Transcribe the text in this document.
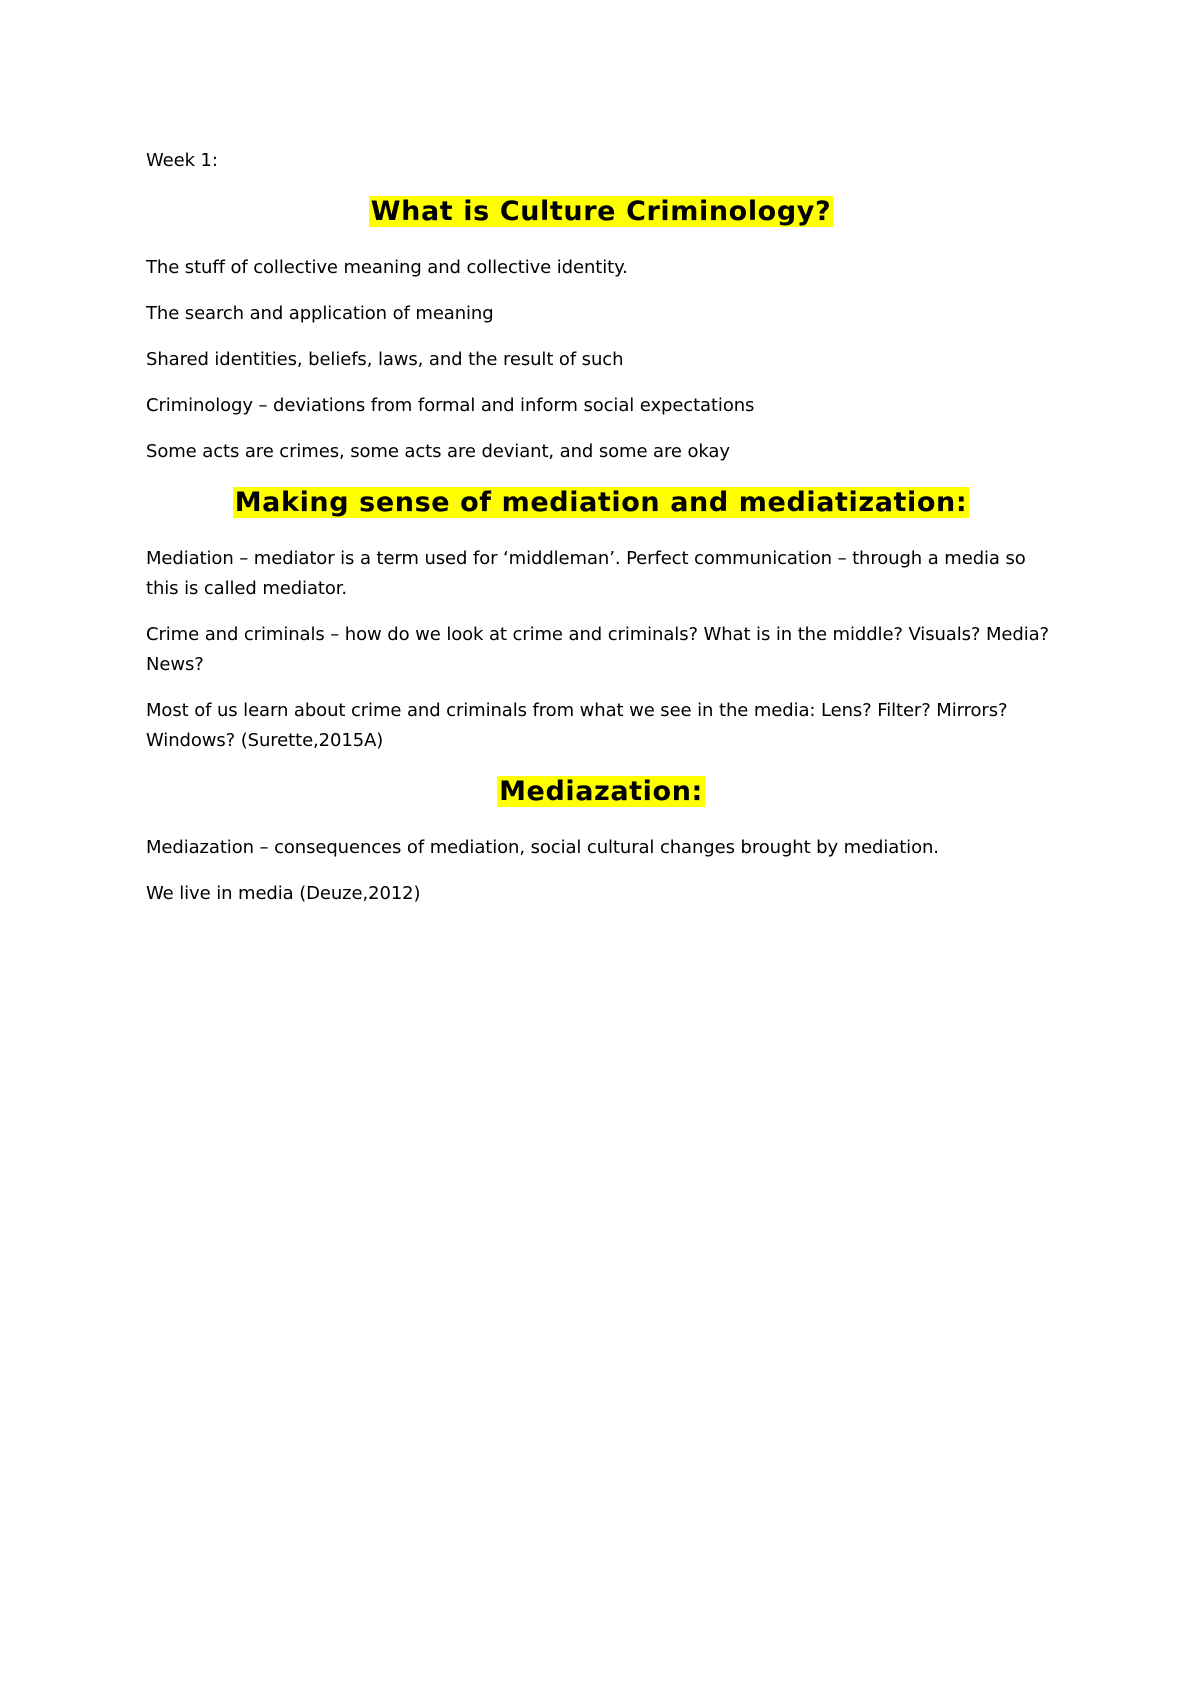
Week 1:

What is Culture Criminology?

The stuff of collective meaning and collective identity.

The search and application of meaning

Shared identities, beliefs, laws, and the result of such

Criminology – deviations from formal and inform social expectations

Some acts are crimes, some acts are deviant, and some are okay

Making sense of mediation and mediatization:

Mediation – mediator is a term used for ‘middleman’. Perfect communication – through a media so this is called mediator.

Crime and criminals – how do we look at crime and criminals? What is in the middle? Visuals? Media? News?

Most of us learn about crime and criminals from what we see in the media: Lens? Filter? Mirrors? Windows? (Surette,2015A)

Mediazation:

Mediazation – consequences of mediation, social cultural changes brought by mediation.

We live in media (Deuze,2012)
